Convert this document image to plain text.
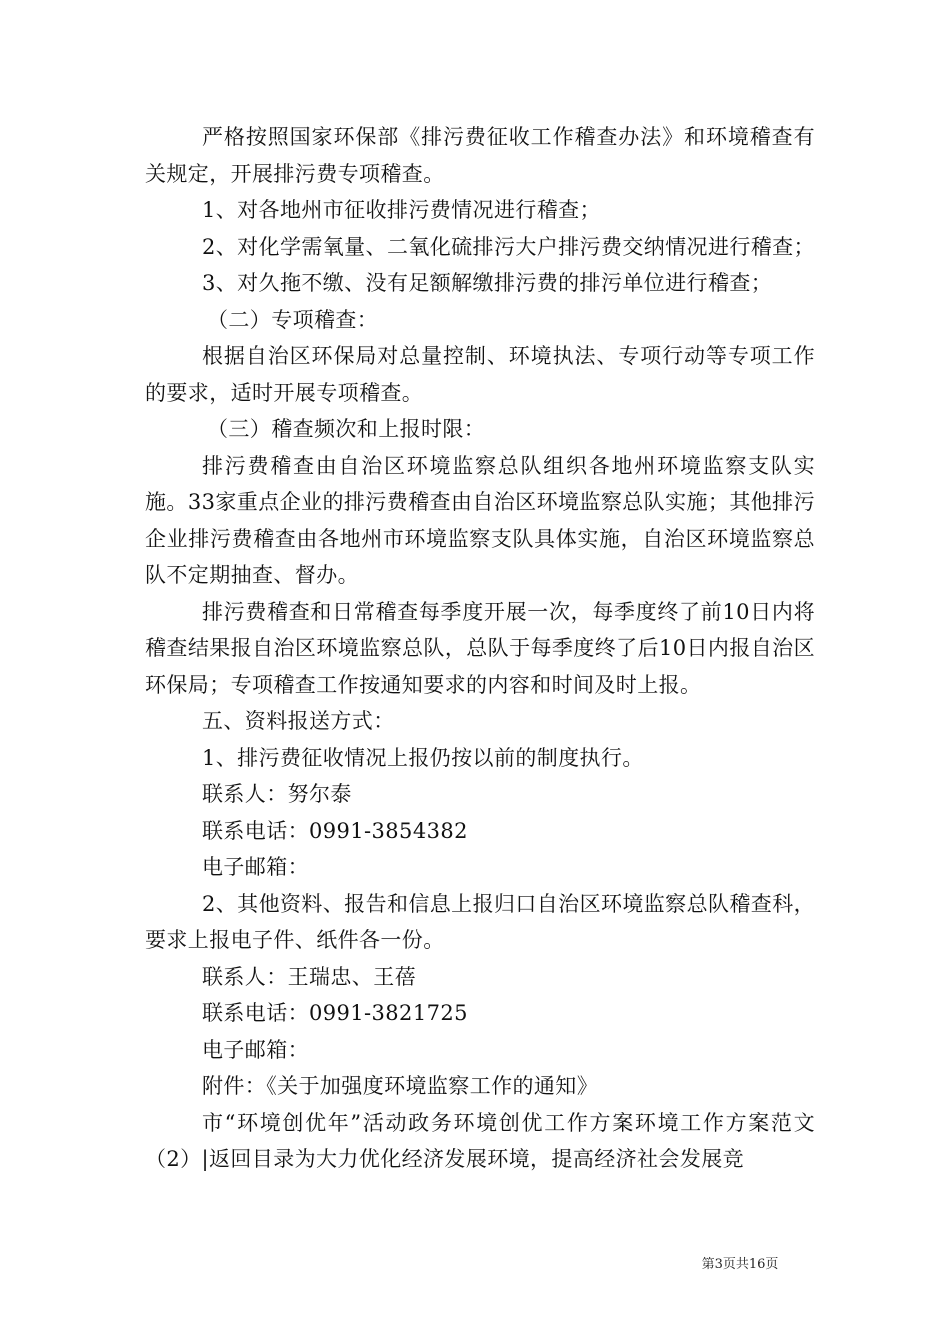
严格按照国家环保部《排污费征收工作稽查办法》和环境稽查有关规定，开展排污费专项稽查。

1、对各地州市征收排污费情况进行稽查；

2、对化学需氧量、二氧化硫排污大户排污费交纳情况进行稽查；

3、对久拖不缴、没有足额解缴排污费的排污单位进行稽查；

（二）专项稽查：

根据自治区环保局对总量控制、环境执法、专项行动等专项工作的要求，适时开展专项稽查。

（三）稽查频次和上报时限：

排污费稽查由自治区环境监察总队组织各地州环境监察支队实施。33家重点企业的排污费稽查由自治区环境监察总队实施；其他排污企业排污费稽查由各地州市环境监察支队具体实施，自治区环境监察总队不定期抽查、督办。

排污费稽查和日常稽查每季度开展一次，每季度终了前10日内将稽查结果报自治区环境监察总队，总队于每季度终了后10日内报自治区环保局；专项稽查工作按通知要求的内容和时间及时上报。

五、资料报送方式：

1、排污费征收情况上报仍按以前的制度执行。

联系人：努尔泰

联系电话：0991-3854382

电子邮箱：

2、其他资料、报告和信息上报归口自治区环境监察总队稽查科，要求上报电子件、纸件各一份。

联系人：王瑞忠、王蓓

联系电话：0991-3821725

电子邮箱：

附件：《关于加强度环境监察工作的通知》

市“环境创优年”活动政务环境创优工作方案环境工作方案范文（2）|返回目录为大力优化经济发展环境，提高经济社会发展竞

第3页共16页
